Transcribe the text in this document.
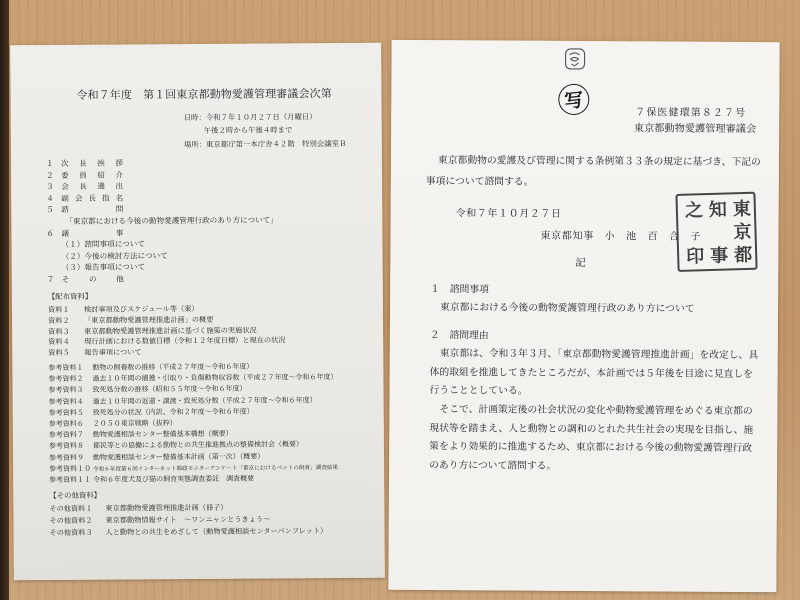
令和７年度　第１回東京都動物愛護管理審議会次第
日時：令和７年１０月２７日（月曜日）
午後２時から午後４時まで
場所：東京都庁第一本庁舎４２階　特別会議室Ｂ
１ 次　長　挨　拶
２ 委　員　紹　介
３ 会　長　選　出
４ 副会長指名
５ 諮　　　問
「東京都における今後の動物愛護管理行政のあり方について」
６ 議　　　事
（１）諮問事項について
（２）今後の検討方法について
（３）報告事項について
７ そ　の　他
【配布資料】
資料１ 検討事項及びスケジュール等（案）
資料２ 「東京都動物愛護管理推進計画」の概要
資料３ 東京都動物愛護管理推進計画に基づく施策の実施状況
資料４ 現行計画における数値目標（令和１２年度目標）と現在の状況
資料５ 報告事項について
参考資料１ 動物の飼養数の推移（平成２７年度～令和６年度）
参考資料２ 過去１０年間の捕獲・引取り・負傷動物収容数（平成２７年度～令和６年度）
参考資料３ 致死処分数の推移（昭和５５年度～令和６年度）
参考資料４ 過去１０年間の返還・譲渡・致死処分数（平成２７年度～令和６年度）
参考資料５ 致死処分の状況（内訳、令和２年度～令和６年度）
参考資料６ ２０５０東京戦略（抜粋）
参考資料７ 動物愛護相談センター整備基本構想（概要）
参考資料８ 都民等との協働による動物との共生推進拠点の整備検討会（概要）
参考資料９ 動物愛護相談センター整備基本計画（第一次）（概要）
参考資料１０ 令和６年度第６回インターネット都政モニターアンケート「東京におけるペットの飼育」調査結果
参考資料１１ 令和６年度犬及び猫の飼育実態調査委託　調査概要
【その他資料】
その他資料１ 東京都動物愛護管理推進計画（冊子）
その他資料２ 東京都動物情報サイト　～ワンニャンとうきょう～
その他資料３ 人と動物との共生をめざして（動物愛護相談センターパンフレット）
写
７保医健環第８２７号
東京都動物愛護管理審議会
東京都動物の愛護及び管理に関する条例第３３条の規定に基づき、下記の
事項について諮問する。
令和７年１０月２７日
東京都知事　小　池　百　合　子 東京都
知事
之印
記
１　諮問事項
東京都における今後の動物愛護管理行政のあり方について
２　諮問理由
東京都は、令和３年３月、「東京都動物愛護管理推進計画」を改定し、具
体的取組を推進してきたところだが、本計画では５年後を目途に見直しを
行うこととしている。
そこで、計画策定後の社会状況の変化や動物愛護管理をめぐる東京都の
現状等を踏まえ、人と動物との調和のとれた共生社会の実現を目指し、施
策をより効果的に推進するため、東京都における今後の動物愛護管理行政
のあり方について諮問する。
